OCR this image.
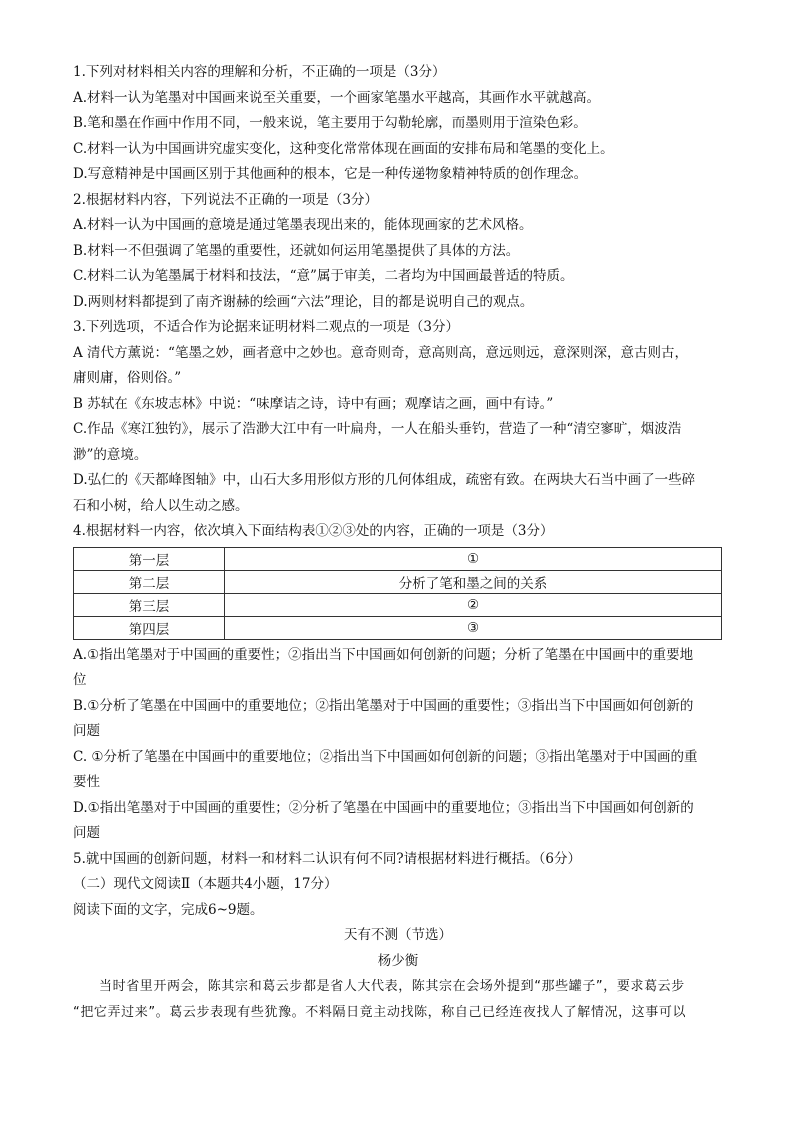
1.下列对材料相关内容的理解和分析，不正确的一项是（3分）
A.材料一认为笔墨对中国画来说至关重要，一个画家笔墨水平越高，其画作水平就越高。
B.笔和墨在作画中作用不同，一般来说，笔主要用于勾勒轮廓，而墨则用于渲染色彩。
C.材料一认为中国画讲究虚实变化，这种变化常常体现在画面的安排布局和笔墨的变化上。
D.写意精神是中国画区别于其他画种的根本，它是一种传递物象精神特质的创作理念。
2.根据材料内容，下列说法不正确的一项是（3分）
A.材料一认为中国画的意境是通过笔墨表现出来的，能体现画家的艺术风格。
B.材料一不但强调了笔墨的重要性，还就如何运用笔墨提供了具体的方法。
C.材料二认为笔墨属于材料和技法，“意”属于审美，二者均为中国画最普适的特质。
D.两则材料都提到了南齐谢赫的绘画“六法”理论，目的都是说明自己的观点。
3.下列选项，不适合作为论据来证明材料二观点的一项是（3分）
A 清代方薰说：“笔墨之妙，画者意中之妙也。意奇则奇，意高则高，意远则远，意深则深，意古则古，
庸则庸，俗则俗。”
B 苏轼在《东坡志林》中说：“味摩诘之诗，诗中有画；观摩诘之画，画中有诗。”
C.作品《寒江独钓》，展示了浩渺大江中有一叶扁舟，一人在船头垂钓，营造了一种“清空寥旷，烟波浩
渺”的意境。
D.弘仁的《天都峰图轴》中，山石大多用形似方形的几何体组成，疏密有致。在两块大石当中画了一些碎
石和小树，给人以生动之感。
4.根据材料一内容，依次填入下面结构表①②③处的内容，正确的一项是（3分）
第一层	①
第二层	分析了笔和墨之间的关系
第三层	②
第四层	③
A.①指出笔墨对于中国画的重要性；②指出当下中国画如何创新的问题；分析了笔墨在中国画中的重要地
位
B.①分析了笔墨在中国画中的重要地位；②指出笔墨对于中国画的重要性；③指出当下中国画如何创新的
问题
C. ①分析了笔墨在中国画中的重要地位；②指出当下中国画如何创新的问题；③指出笔墨对于中国画的重
要性
D.①指出笔墨对于中国画的重要性；②分析了笔墨在中国画中的重要地位；③指出当下中国画如何创新的
问题
5.就中国画的创新问题，材料一和材料二认识有何不同?请根据材料进行概括。（6分）
（二）现代文阅读Ⅱ（本题共4小题，17分）
阅读下面的文字，完成6~9题。
天有不测（节选）
杨少衡
当时省里开两会，陈其宗和葛云步都是省人大代表，陈其宗在会场外提到“那些罐子”，要求葛云步
“把它弄过来”。葛云步表现有些犹豫。不料隔日竟主动找陈，称自己已经连夜找人了解情况，这事可以
